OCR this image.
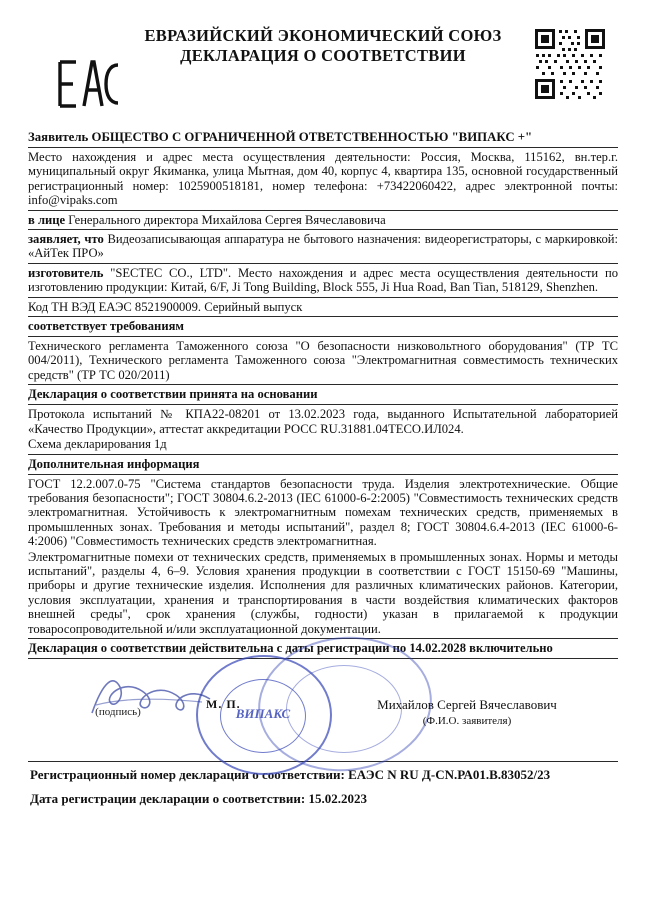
ЕВРАЗИЙСКИЙ ЭКОНОМИЧЕСКИЙ СОЮЗ
ДЕКЛАРАЦИЯ О СООТВЕТСТВИИ

Заявитель ОБЩЕСТВО С ОГРАНИЧЕННОЙ ОТВЕТСТВЕННОСТЬЮ "ВИПАКС +"

Место нахождения и адрес места осуществления деятельности: Россия, Москва, 115162, вн.тер.г. муниципальный округ Якиманка, улица Мытная, дом 40, корпус 4, квартира 135, основной государственный регистрационный номер: 1025900518181, номер телефона: +73422060422, адрес электронной почты: info@vipaks.com

в лице Генерального директора Михайлова Сергея Вячеславовича

заявляет, что Видеозаписывающая аппаратура не бытового назначения: видеорегистраторы, с маркировкой: «АйТек ПРО»

изготовитель "SECTEC CO., LTD". Место нахождения и адрес места осуществления деятельности по изготовлению продукции: Китай, 6/F, Ji Tong Building, Block 555, Ji Hua Road, Ban Tian, 518129, Shenzhen.

Код ТН ВЭД ЕАЭС 8521900009. Серийный выпуск

соответствует требованиям

Технического регламента Таможенного союза "О безопасности низковольтного оборудования" (ТР ТС 004/2011), Технического регламента Таможенного союза "Электромагнитная совместимость технических средств" (ТР ТС 020/2011)

Декларация о соответствии принята на основании

Протокола испытаний № КПА22-08201 от 13.02.2023 года, выданного Испытательной лабораторией «Качество Продукции», аттестат аккредитации РОСС RU.31881.04ТЕСО.ИЛ024.

Схема декларирования 1д

Дополнительная информация

ГОСТ 12.2.007.0-75 "Система стандартов безопасности труда. Изделия электротехнические. Общие требования безопасности"; ГОСТ 30804.6.2-2013 (IEC 61000-6-2:2005) "Совместимость технических средств электромагнитная. Устойчивость к электромагнитным помехам технических средств, применяемых в промышленных зонах. Требования и методы испытаний", раздел 8; ГОСТ 30804.6.4-2013 (IEC 61000-6-4:2006) "Совместимость технических средств электромагнитная.

Электромагнитные помехи от технических средств, применяемых в промышленных зонах. Нормы и методы испытаний", разделы 4, 6–9. Условия хранения продукции в соответствии с ГОСТ 15150-69 "Машины, приборы и другие технические изделия. Исполнения для различных климатических районов. Категории, условия эксплуатации, хранения и транспортирования в части воздействия климатических факторов внешней среды", срок хранения (службы, годности) указан в прилагаемой к продукции товаросопроводительной и/или эксплуатационной документации.

Декларация о соответствии действительна с даты регистрации по 14.02.2028 включительно

ВИПАКС
(подпись)
М. П.	Михайлов Сергей Вячеславович
(Ф.И.О. заявителя)

Регистрационный номер декларации о соответствии: ЕАЭС N RU Д-CN.РА01.В.83052/23

Дата регистрации декларации о соответствии: 15.02.2023
